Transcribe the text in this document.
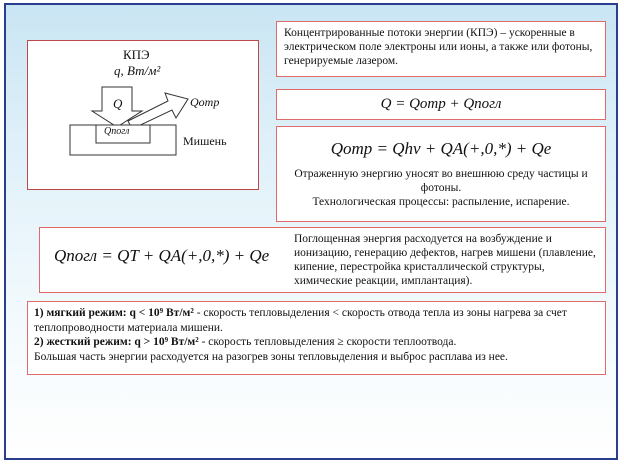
КПЭ
q, Вт/м²
Q	Qотр
Qпогл
Мишень
Концентрированные потоки энергии (КПЭ) – ускоренные в электрическом поле электроны или ионы, а также или фотоны, генерируемые лазером.
Q = Qотр + Qпогл
Qотр = Qhν + QA(+,0,*) + Qe
Отраженную энергию уносят во внешнюю среду частицы и фотоны.
Технологическая процессы: распыление, испарение.
Qпогл = QT + QA(+,0,*) + Qe
Поглощенная энергия расходуется на возбуждение и ионизацию, генерацию дефектов, нагрев мишени (плавление, кипение, перестройка кристаллической структуры, химические реакции, имплантация).
1) мягкий режим: q < 10⁹ Вт/м² - скорость тепловыделения < скорость отвода тепла из зоны нагрева за счет теплопроводности материала мишени.
2) жесткий режим: q > 10⁹ Вт/м² - скорость тепловыделения ≥ скорости теплоотвода.
Большая часть энергии расходуется на разогрев зоны тепловыделения и выброс расплава из нее.
